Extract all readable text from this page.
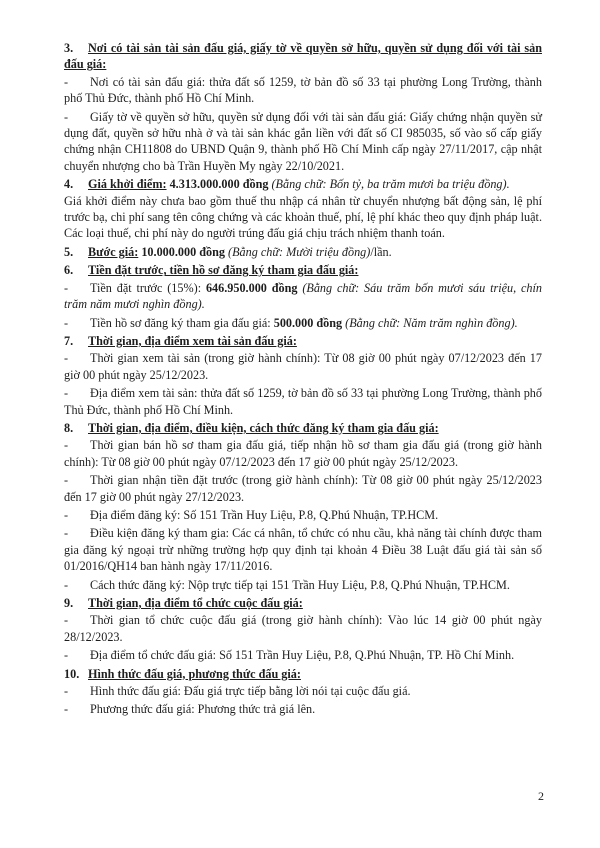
3. Nơi có tài sản tài sản đấu giá, giấy tờ về quyền sở hữu, quyền sử dụng đối với tài sản đấu giá:

- Nơi có tài sản đấu giá: thửa đất số 1259, tờ bản đồ số 33 tại phường Long Trường, thành phố Thủ Đức, thành phố Hồ Chí Minh.

- Giấy tờ về quyền sở hữu, quyền sử dụng đối với tài sản đấu giá: Giấy chứng nhận quyền sử dụng đất, quyền sở hữu nhà ở và tài sản khác gắn liền với đất số CI 985035, số vào số cấp giấy chứng nhận CH11808 do UBND Quận 9, thành phố Hồ Chí Minh cấp ngày 27/11/2017, cập nhật chuyển nhượng cho bà Trần Huyền My ngày 22/10/2021.

4. Giá khởi điểm: 4.313.000.000 đồng (Bằng chữ: Bốn tỷ, ba trăm mươi ba triệu đồng).

Giá khởi điểm này chưa bao gồm thuế thu nhập cá nhân từ chuyển nhượng bất động sản, lệ phí trước bạ, chi phí sang tên công chứng và các khoản thuế, phí, lệ phí khác theo quy định pháp luật. Các loại thuế, chi phí này do người trúng đấu giá chịu trách nhiệm thanh toán.

5. Bước giá: 10.000.000 đồng (Bằng chữ: Mười triệu đồng)/lần.

6. Tiền đặt trước, tiền hồ sơ đăng ký tham gia đấu giá:

- Tiền đặt trước (15%): 646.950.000 đồng (Bằng chữ: Sáu trăm bốn mươi sáu triệu, chín trăm năm mươi nghìn đồng).

- Tiền hồ sơ đăng ký tham gia đấu giá: 500.000 đồng (Bằng chữ: Năm trăm nghìn đồng).

7. Thời gian, địa điểm xem tài sản đấu giá:

- Thời gian xem tài sản (trong giờ hành chính): Từ 08 giờ 00 phút ngày 07/12/2023 đến 17 giờ 00 phút ngày 25/12/2023.

- Địa điểm xem tài sản: thửa đất số 1259, tờ bản đồ số 33 tại phường Long Trường, thành phố Thủ Đức, thành phố Hồ Chí Minh.

8. Thời gian, địa điểm, điều kiện, cách thức đăng ký tham gia đấu giá:

- Thời gian bán hồ sơ tham gia đấu giá, tiếp nhận hồ sơ tham gia đấu giá (trong giờ hành chính): Từ 08 giờ 00 phút ngày 07/12/2023 đến 17 giờ 00 phút ngày 25/12/2023.

- Thời gian nhận tiền đặt trước (trong giờ hành chính): Từ 08 giờ 00 phút ngày 25/12/2023 đến 17 giờ 00 phút ngày 27/12/2023.

- Địa điểm đăng ký: Số 151 Trần Huy Liệu, P.8, Q.Phú Nhuận, TP.HCM.

- Điều kiện đăng ký tham gia: Các cá nhân, tổ chức có nhu cầu, khả năng tài chính được tham gia đăng ký ngoại trừ những trường hợp quy định tại khoản 4 Điều 38 Luật đấu giá tài sản số 01/2016/QH14 ban hành ngày 17/11/2016.

- Cách thức đăng ký: Nộp trực tiếp tại 151 Trần Huy Liệu, P.8, Q.Phú Nhuận, TP.HCM.

9. Thời gian, địa điểm tổ chức cuộc đấu giá:

- Thời gian tổ chức cuộc đấu giá (trong giờ hành chính): Vào lúc 14 giờ 00 phút ngày 28/12/2023.

- Địa điểm tổ chức đấu giá: Số 151 Trần Huy Liệu, P.8, Q.Phú Nhuận, TP. Hồ Chí Minh.

10. Hình thức đấu giá, phương thức đấu giá:

- Hình thức đấu giá: Đấu giá trực tiếp bằng lời nói tại cuộc đấu giá.

- Phương thức đấu giá: Phương thức trả giá lên.

2
